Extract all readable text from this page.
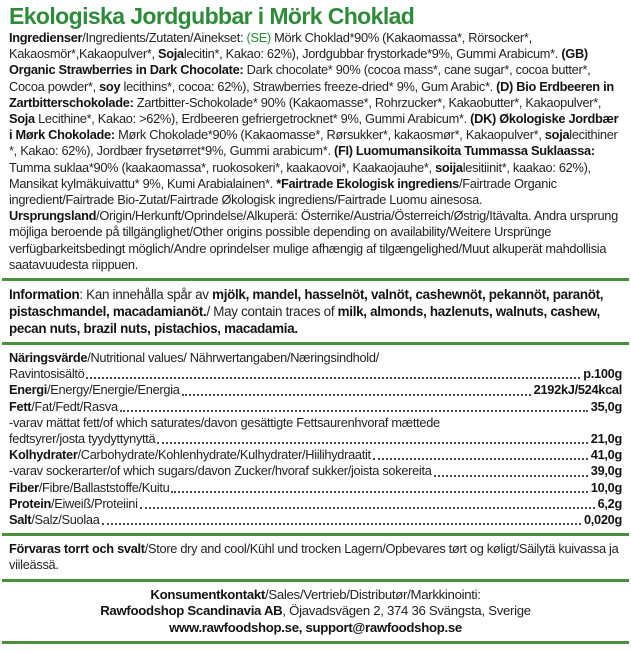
Ekologiska Jordgubbar i Mörk Choklad

Ingredienser/Ingredients/Zutaten/Ainekset: (SE) Mörk Choklad*90% (Kakaomassa*, Rörsocker*, Kakaosmör*,Kakaopulver*, Sojalecitin*, Kakao: 62%), Jordgubbar frystorkade*9%, Gummi Arabicum*. (GB) Organic Strawberries in Dark Chocolate: Dark chocolate* 90% (cocoa mass*, cane sugar*, cocoa butter*, Cocoa powder*, soy lecithins*, cocoa: 62%), Strawberries freeze-dried* 9%, Gum Arabic*. (D) Bio Erdbeeren in Zartbitterschokolade: Zartbitter-Schokolade* 90% (Kakaomasse*, Rohrzucker*, Kakaobutter*, Kakaopulver*, Soja Lecithine*, Kakao: >62%), Erdbeeren gefriergetrocknet* 9%, Gummi Arabicum*. (DK) Økologiske Jordbær i Mørk Chokolade: Mørk Chokolade*90% (Kakaomasse*, Rørsukker*, kakaosmør*, Kakaopulver*, sojalecithiner *, Kakao: 62%), Jordbær frysetørret*9%, Gummi arabicum*. (FI) Luomumansikoita Tummassa Suklaassa: Tumma suklaa*90% (kaakaomassa*, ruokosokeri*, kaakaovoi*, Kaakaojauhe*, soijalesitiinit*, kaakao: 62%), Mansikat kylmäkuivattu* 9%, Kumi Arabialainen*. *Fairtrade Ekologisk ingrediens/Fairtrade Organic ingredient/Fairtrade Bio-Zutat/Fairtrade Økologisk ingrediens/Fairtrade Luomu ainesosa.

Ursprungsland/Origin/Herkunft/Oprindelse/Alkuperä: Österrike/Austria/Österreich/Østrig/Itävalta. Andra ursprung möjliga beroende på tillgänglighet/Other origins possible depending on availability/Weitere Ursprünge verfügbarkeitsbedingt möglich/Andre oprindelser mulige afhængig af tilgængelighed/Muut alkuperät mahdollisia saatavuudesta riippuen.

Information: Kan innehålla spår av mjölk, mandel, hasselnöt, valnöt, cashewnöt, pekannöt, paranöt, pistaschmandel, macadamianöt./ May contain traces of milk, almonds, hazlenuts, walnuts, cashew, pecan nuts, brazil nuts, pistachios, macadamia.

Näringsvärde/Nutritional values/ Nährwertangaben/Næringsindhold/
Ravintosisältö	p.100g
Energi/Energy/Energie/Energia	2192kJ/524kcal
Fett/Fat/Fedt/Rasva	35,0g
-varav mättat fett/of which saturates/davon gesättigte Fettsaurenhvoraf mættede
fedtsyrer/josta tyydyttynyttä	21,0g
Kolhydrater/Carbohydrate/Kohlenhydrate/Kulhydrater/Hiilihydraatit	41,0g
-varav sockerarter/of which sugars/davon Zucker/hvoraf sukker/joista sokereita	39,0g
Fiber/Fibre/Ballaststoffe/Kuitu	10,0g
Protein/Eiweiß/Proteiini	6,2g
Salt/Salz/Suolaa	0,020g

Förvaras torrt och svalt/Store dry and cool/Kühl und trocken Lagern/Opbevares tørt og køligt/Säilytä kuivassa ja viileässä.

Konsumentkontakt/Sales/Vertrieb/Distributør/Markkinointi:
Rawfoodshop Scandinavia AB, Öjavadsvägen 2, 374 36 Svängsta, Sverige
www.rawfoodshop.se, support@rawfoodshop.se
